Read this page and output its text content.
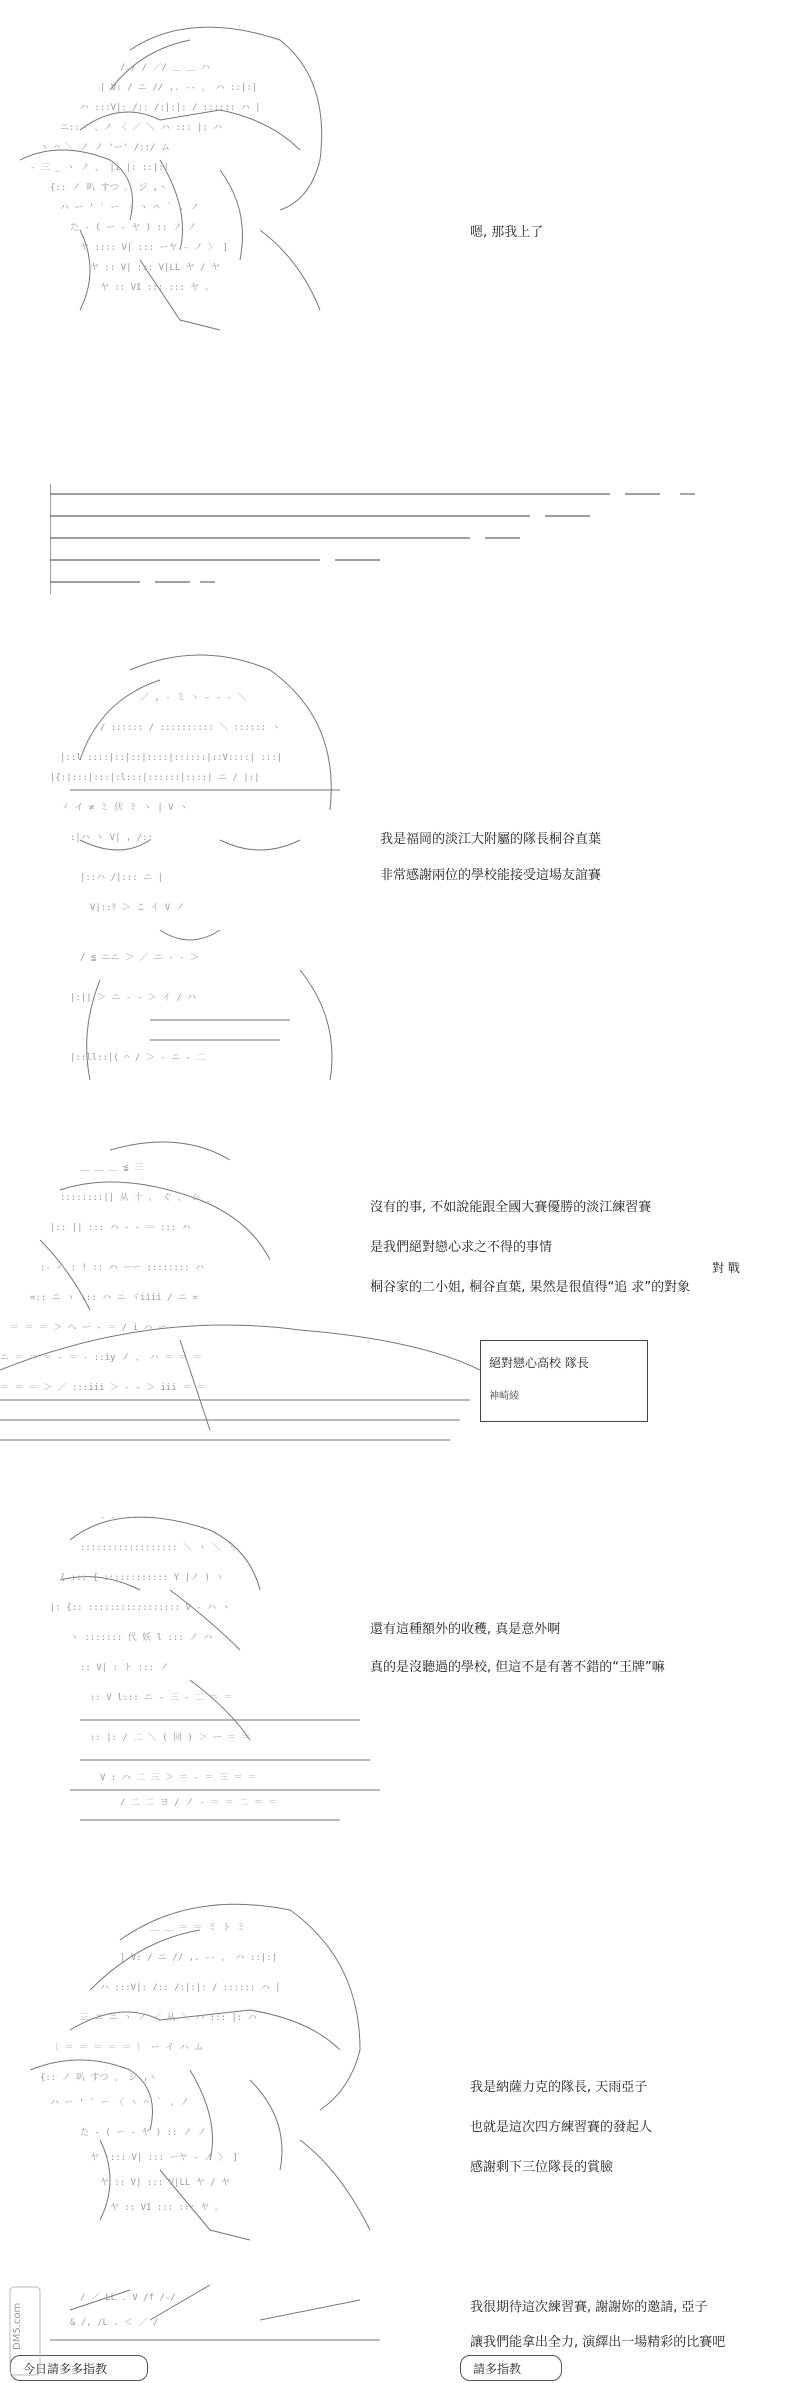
/ / / ／/ ＿ ＿ ハ
| V: / ニ // ,. -‐ 、 ハ ::|:|
ハ :::V|: /:: /:|:|: / :::::: ハ |
ニ::ヾ 、ノ 〈 ／ ＼ ハ ::: |: ハ
ヽ ⌒ ＼ ノ ノ 'ー' /::/ ム
‐ 三 _ ヽ ノ 、 |i |: ::|:|
{:: ノ 叭 すつ 。 ジ ,ヽ
ハ ー ' ` ー 〈 ヽ ⌒ ｀ . ノ
た ‐ ( ー ‐ ヤ ) :: ノ ノ
ヤ :::: V| ::: ーヤ ‐ ノ 〉 ]
ヤ :: V| ::: V|LL ヤ / ヤ
ヤ :: VI ::: ::: ヤ 。
嗯, 那我上了
／ , ‐ ミ ヽ ‐ ‐ ‐ ＼
/ :::::: / :::::::::: ＼ :::::: ヽ
|::l ::::|::|::|::::|::::::|::V::::| :::|
|{:|:::|:::|:l:::|::::::|::::| ニ / |:|
ヾ イ ≠ ミ 伏 ミ ヽ | V ヽ
:|ハ ヽ V| , /::
|::ハ /|::: ニ |
V|::ﾘ ＞ こ イ V ノ
/ ≦ ニニ ＞ ／ ニ ‐ ‐ ＞
|:|| ＞ ニ ‐ ‐ ＞ イ / ハ
|::ll::|( ⌒ / ＞ ‐ ニ ‐ 二
我是福岡的淡江大附屬的隊長桐谷直葉
非常感謝兩位的學校能接受這場友誼賽
＿ ＿ ＿ ≦ 三
::::::::|| 从 十 、 ぐ 、 シ _
|:: || ::: ハ ‐ ‐ ＝ ::: ハ
:- ハ : ! :: ハ ーー :::::::: ハ
=:: ニ ヽ ::: ハ ニ ヾiiii / ニ =
＝ ＝ ＝ ＞ ヘ ー ‐ ＝ / i ハ ー
ニ ＝ ＝ ＝ ‐ ＝ ‐ ::iy ノ 、 ハ ＝ ＝ ＝
＝ ＝ ＝ ＞ ／ :::iii ＞ ‐ ‐ ＞ iii ＝ ＝
沒有的事, 不如說能跟全國大賽優勝的淡江練習賽
是我們絕對戀心求之不得的事情
對 戰
桐谷家的二小姐, 桐谷直葉, 果然是很值得“追 求”的對象
絕對戀心高校 隊長
神崎綾
‐ ‐ ‐ ‐ ‐ ‐
:::::::::::::::::: ＼ ヽ ＼ 〈
{ ::: { :::::::::::: Y |ノ ) ヽ
|: {:: ::::::::::::::::: V ‐ ハ ヽ
ヽ ::::::: 代 妖 l ::: ノ ハ
:: V| : ト ::: ノ
:: V l::: ニ ‐ 三 ‐ 二 ＝ ＝
:: |: / 二 ＼ ( 回 ) ＞ ー ＝ ＝
V : ハ 二 三 ＞ ＝ ‐ ＝ 三 ＝ ＝
/ 二 二 ヨ / ノ ‐ ＝ ＝ 二 ＝ ＝
還有這種額外的收穫, 真是意外啊
真的是沒聽過的學校, 但這不是有著不錯的“王牌”嘛
＿ ＿ ＝ ＝ ミ ト ミ
| V: / ニ // ,. -‐ 、 ハ ::|:|
ハ :::V|: /:: /:|:|: / :::::: ハ |
三 ニ ニ ヽ ノ ／ 从 ＼ ハ ::: |: ハ
〔 ＝ ＝ ＝ ＝ ＝ 〕 ー イ ハ ム
{:: ノ 叭 すつ 。 ジ ,ヽ
ハ ー ' ` ー 〈 ヽ ⌒ ｀ . ノ
た ‐ ( ー ‐ ヤ ) :: ノ ノ
ヤ :::: V| ::: ーヤ ‐ ノ 〉 ]
ヤ :: V| ::: V|LL ヤ / ヤ
ヤ :: VI ::: ::: ヤ 。
我是納薩力克的隊長, 天雨亞子
也就是這次四方練習賽的發起人
感謝剩下三位隊長的賞臉
/ ／ LL . V /f /‐/
& /, /L . ＜ ／ /
我很期待這次練習賽, 謝謝妳的邀請, 亞子
讓我們能拿出全力, 演繹出一場精彩的比賽吧
今日請多多指教	請多指教
DM5.com
